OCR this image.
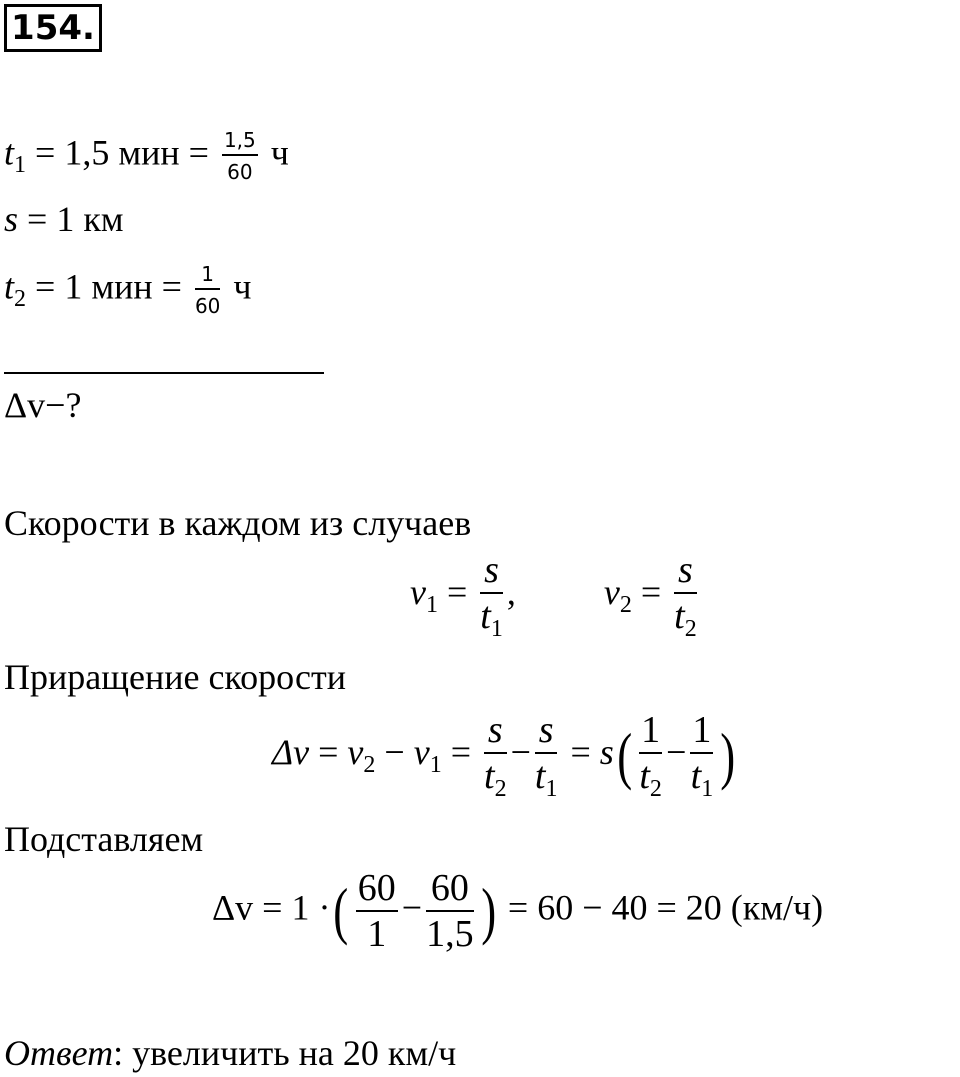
154.
$t_1 = 1,5$ мин = $\frac{1,5}{60}$ ч
s = 1 км
$t_2 = 1$ мин = $\frac{1}{60}$ ч
Δv−?
Скорости в каждом из случаев
$v_1 = \frac{s}{t_1}$ , $v_2 = \frac{s}{t_2}$
Приращение скорости
$\Delta v = v_2 - v_1 = \frac{s}{t_2} - \frac{s}{t_1} = s( \frac{1}{t_2} - \frac{1}{t_1}$ )
Подставляем
Δv = 1 ·( $\frac{60}{1} - \frac{60}{1,5}$ ) = 60 − 40 = 20 (км/ч)
Ответ: увеличить на 20 км/ч
